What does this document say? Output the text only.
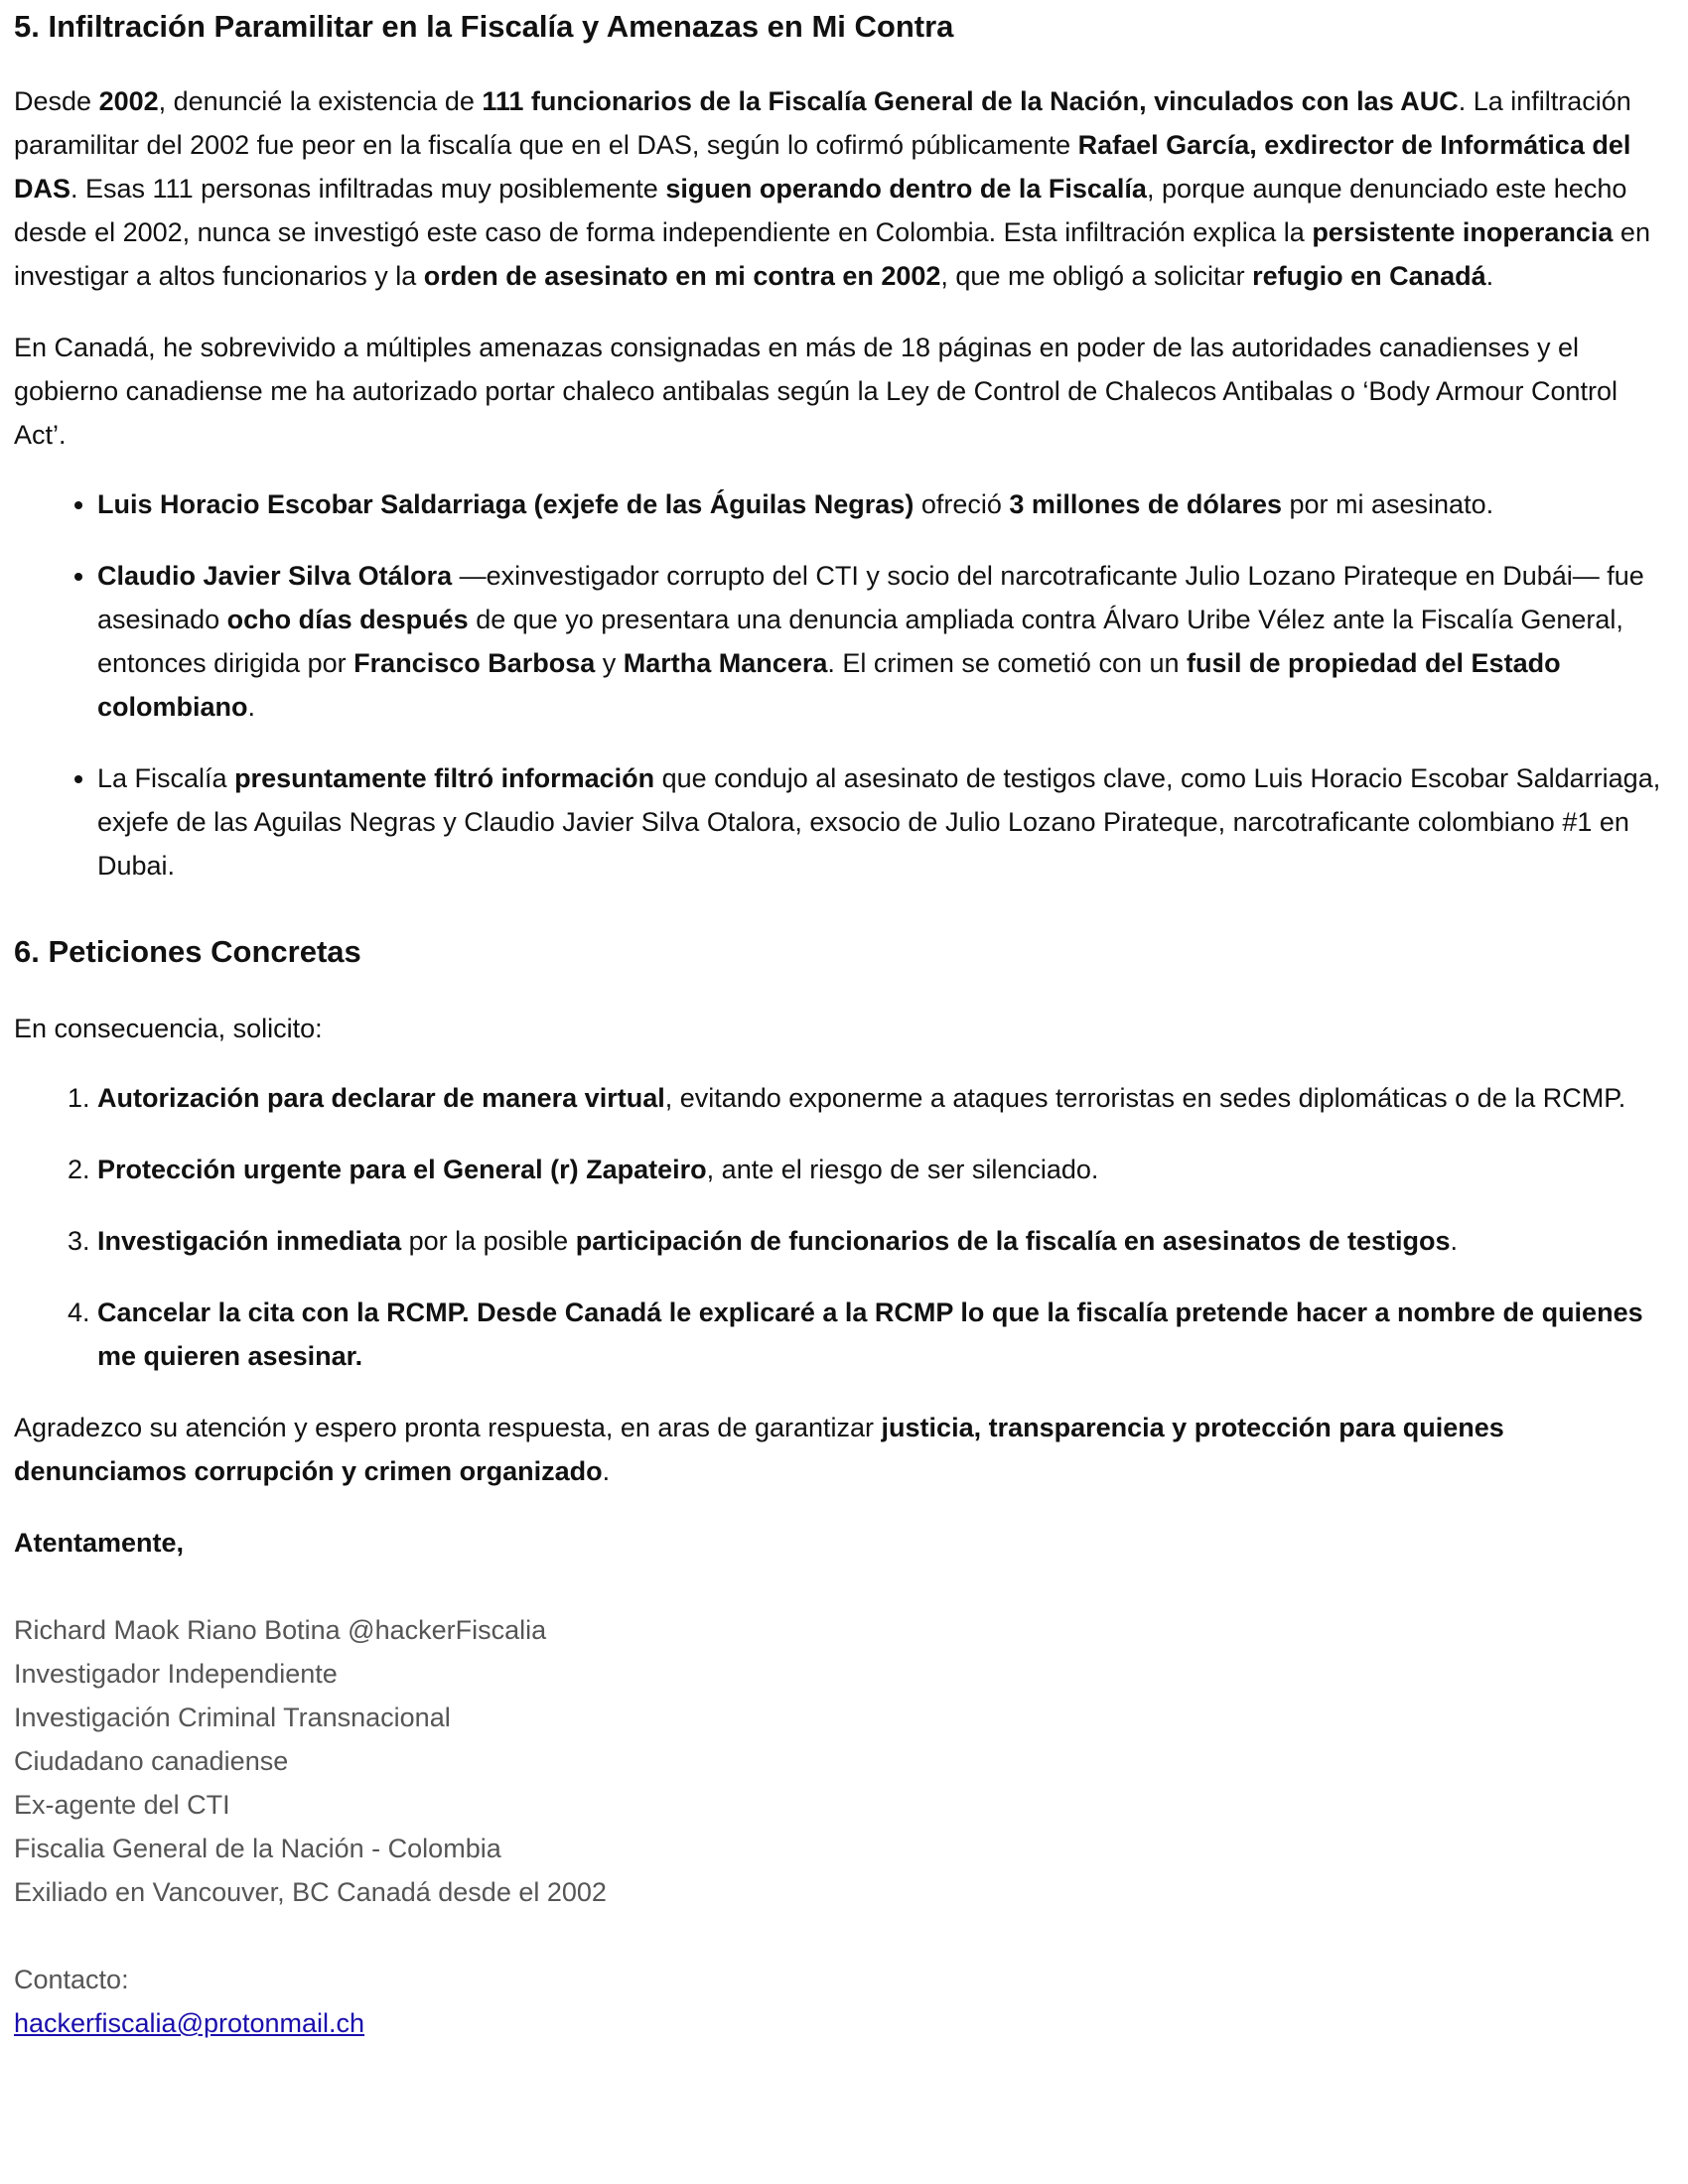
5. Infiltración Paramilitar en la Fiscalía y Amenazas en Mi Contra

Desde 2002, denuncié la existencia de 111 funcionarios de la Fiscalía General de la Nación, vinculados con las AUC. La infiltración paramilitar del 2002 fue peor en la fiscalía que en el DAS, según lo cofirmó públicamente Rafael García, exdirector de Informática del DAS. Esas 111 personas infiltradas muy posiblemente siguen operando dentro de la Fiscalía, porque aunque denunciado este hecho desde el 2002, nunca se investigó este caso de forma independiente en Colombia. Esta infiltración explica la persistente inoperancia en investigar a altos funcionarios y la orden de asesinato en mi contra en 2002, que me obligó a solicitar refugio en Canadá.

En Canadá, he sobrevivido a múltiples amenazas consignadas en más de 18 páginas en poder de las autoridades canadienses y el gobierno canadiense me ha autorizado portar chaleco antibalas según la Ley de Control de Chalecos Antibalas o ‘Body Armour Control Act’.

• Luis Horacio Escobar Saldarriaga (exjefe de las Águilas Negras) ofreció 3 millones de dólares por mi asesinato.
• Claudio Javier Silva Otálora —exinvestigador corrupto del CTI y socio del narcotraficante Julio Lozano Pirateque en Dubái— fue asesinado ocho días después de que yo presentara una denuncia ampliada contra Álvaro Uribe Vélez ante la Fiscalía General, entonces dirigida por Francisco Barbosa y Martha Mancera. El crimen se cometió con un fusil de propiedad del Estado colombiano.
• La Fiscalía presuntamente filtró información que condujo al asesinato de testigos clave, como Luis Horacio Escobar Saldarriaga, exjefe de las Aguilas Negras y Claudio Javier Silva Otalora, exsocio de Julio Lozano Pirateque, narcotraficante colombiano #1 en Dubai.
6. Peticiones Concretas

En consecuencia, solicito:

1. Autorización para declarar de manera virtual, evitando exponerme a ataques terroristas en sedes diplomáticas o de la RCMP.
2. Protección urgente para el General (r) Zapateiro, ante el riesgo de ser silenciado.
3. Investigación inmediata por la posible participación de funcionarios de la fiscalía en asesinatos de testigos.
4. Cancelar la cita con la RCMP. Desde Canadá le explicaré a la RCMP lo que la fiscalía pretende hacer a nombre de quienes me quieren asesinar.

Agradezco su atención y espero pronta respuesta, en aras de garantizar justicia, transparencia y protección para quienes denunciamos corrupción y crimen organizado.

Atentamente,

Richard Maok Riano Botina @hackerFiscalia

Investigador Independiente

Investigación Criminal Transnacional

Ciudadano canadiense

Ex-agente del CTI

Fiscalia General de la Nación - Colombia

Exiliado en Vancouver, BC Canadá desde el 2002

Contacto:

hackerfiscalia@protonmail.ch
